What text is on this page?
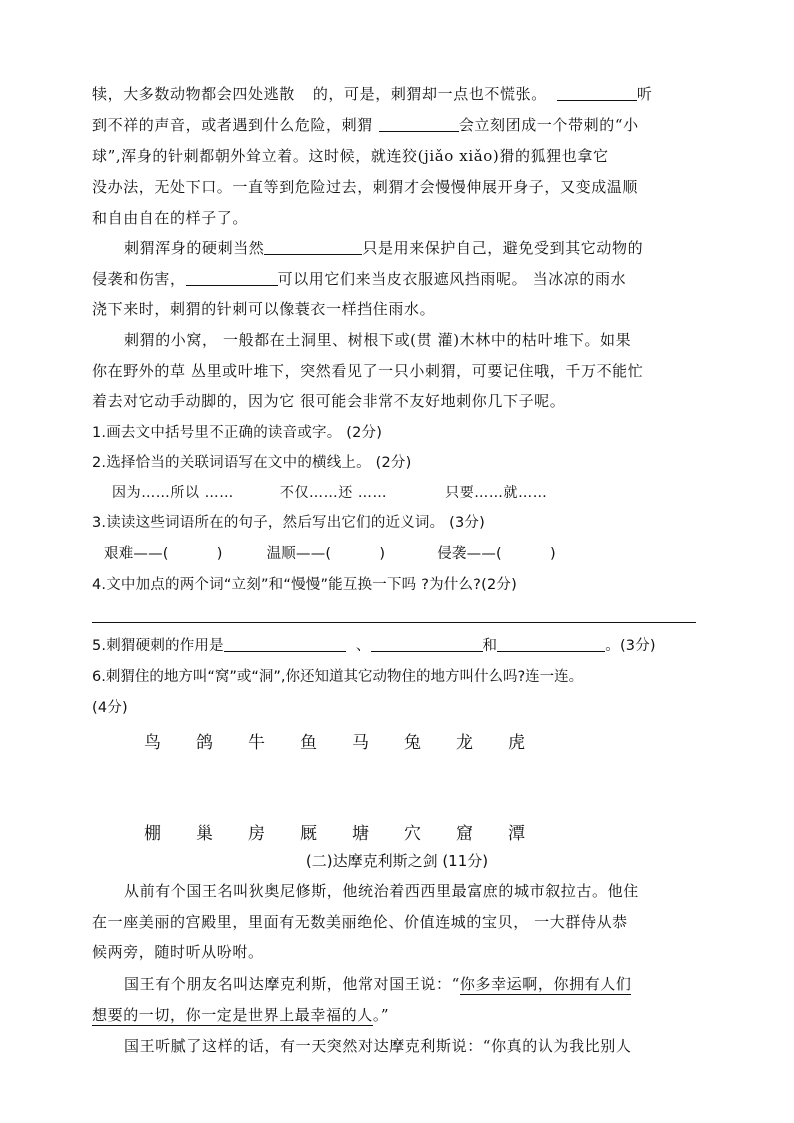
犊，大多数动物都会四处逃散 的，可是，刺猬却一点也不慌张。	听
到不祥的声音，或者遇到什么危险，刺猬	会立刻团成一个带刺的“小
球”,浑身的针刺都朝外耸立着。这时候，就连狡(jiǎo xiǎo)猾的狐狸也拿它
没办法，无处下口。一直等到危险过去，刺猬才会慢慢伸展开身子，又变成温顺
和自由自在的样子了。
刺猬浑身的硬刺当然	只是用来保护自己，避免受到其它动物的
侵袭和伤害，	可以用它们来当皮衣服遮风挡雨呢。 当冰凉的雨水
浇下来时，刺猬的针刺可以像蓑衣一样挡住雨水。
刺猬的小窝， 一般都在土洞里、树根下或(贯 灌)木林中的枯叶堆下。如果
你在野外的草 丛里或叶堆下，突然看见了一只小刺猬，可要记住哦，千万不能忙
着去对它动手动脚的，因为它 很可能会非常不友好地刺你几下子呢。
1.画去文中括号里不正确的读音或字。 (2分)
2.选择恰当的关联词语写在文中的横线上。 (2分)
因为……所以 ……	不仅……还 ……	只要……就……
3.读读这些词语所在的句子，然后写出它们的近义词。 (3分)
艰难——(          )	温顺——(          )	侵袭——(          )
4.文中加点的两个词“立刻”和“慢慢”能互换一下吗 ?为什么?(2分)
5.刺猬硬刺的作用是	、	和	。(3分)
6.刺猬住的地方叫“窝”或“洞”,你还知道其它动物住的地方叫什么吗?连一连。
(4分)
鸟 鸽 牛 鱼 马 兔 龙 虎
棚 巢 房 厩 塘 穴 窟 潭
(二)达摩克利斯之剑 (11分)
从前有个国王名叫狄奥尼修斯，他统治着西西里最富庶的城市叙拉古。他住
在一座美丽的宫殿里，里面有无数美丽绝伦、价值连城的宝贝， 一大群侍从恭
候两旁，随时听从吩咐。
国王有个朋友名叫达摩克利斯，他常对国王说：“你多幸运啊，你拥有人们
想要的一切，你一定是世界上最幸福的人。”
国王听腻了这样的话，有一天突然对达摩克利斯说：“你真的认为我比别人
